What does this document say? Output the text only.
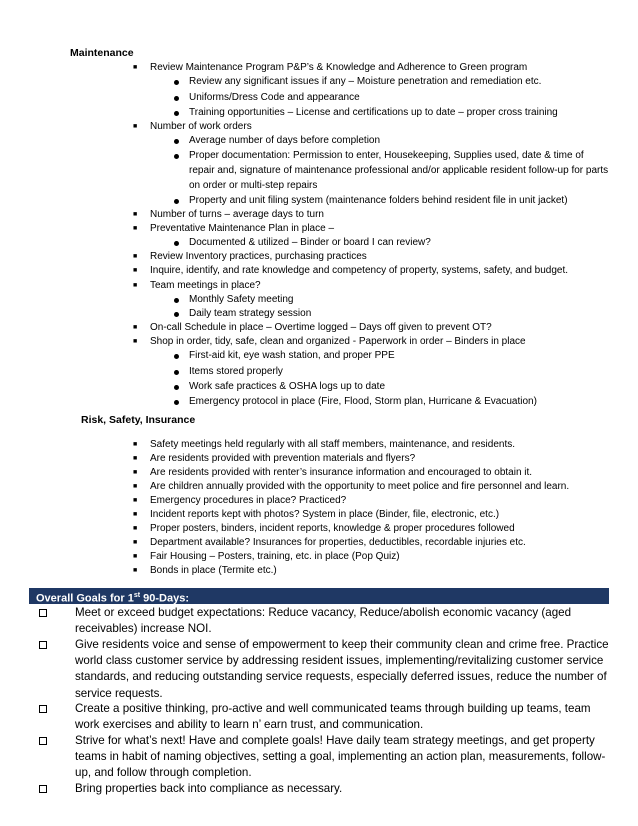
Maintenance
■ Review Maintenance Program P&P’s & Knowledge and Adherence to Green program
Review any significant issues if any – Moisture penetration and remediation etc.
Uniforms/Dress Code and appearance
Training opportunities – License and certifications up to date – proper cross training
■ Number of work orders
Average number of days before completion
Proper documentation: Permission to enter, Housekeeping, Supplies used, date & time of repair and, signature of maintenance professional and/or applicable resident follow-up for parts on order or multi-step repairs
Property and unit filing system (maintenance folders behind resident file in unit jacket)
■ Number of turns – average days to turn
■ Preventative Maintenance Plan in place –
Documented & utilized – Binder or board I can review?
■ Review Inventory practices, purchasing practices
■ Inquire, identify, and rate knowledge and competency of property, systems, safety, and budget.
■ Team meetings in place?
Monthly Safety meeting
Daily team strategy session
■ On-call Schedule in place – Overtime logged – Days off given to prevent OT?
■ Shop in order, tidy, safe, clean and organized - Paperwork in order – Binders in place
First-aid kit, eye wash station, and proper PPE
Items stored properly
Work safe practices & OSHA logs up to date
Emergency protocol in place (Fire, Flood, Storm plan, Hurricane & Evacuation)
Risk, Safety, Insurance
■ Safety meetings held regularly with all staff members, maintenance, and residents.
■ Are residents provided with prevention materials and flyers?
■ Are residents provided with renter’s insurance information and encouraged to obtain it.
■ Are children annually provided with the opportunity to meet police and fire personnel and learn.
■ Emergency procedures in place? Practiced?
■ Incident reports kept with photos? System in place (Binder, file, electronic, etc.)
■ Proper posters, binders, incident reports, knowledge & proper procedures followed
■ Department available? Insurances for properties, deductibles, recordable injuries etc.
■ Fair Housing – Posters, training, etc. in place (Pop Quiz)
■ Bonds in place (Termite etc.)
Overall Goals for 1st 90-Days:
Meet or exceed budget expectations: Reduce vacancy, Reduce/abolish economic vacancy (aged receivables) increase NOI.
Give residents voice and sense of empowerment to keep their community clean and crime free. Practice world class customer service by addressing resident issues, implementing/revitalizing customer service standards, and reducing outstanding service requests, especially deferred issues, reduce the number of service requests.
Create a positive thinking, pro-active and well communicated teams through building up teams, team work exercises and ability to learn n’ earn trust, and communication.
Strive for what’s next! Have and complete goals! Have daily team strategy meetings, and get property teams in habit of naming objectives, setting a goal, implementing an action plan, measurements, follow-up, and follow through completion.
Bring properties back into compliance as necessary.
